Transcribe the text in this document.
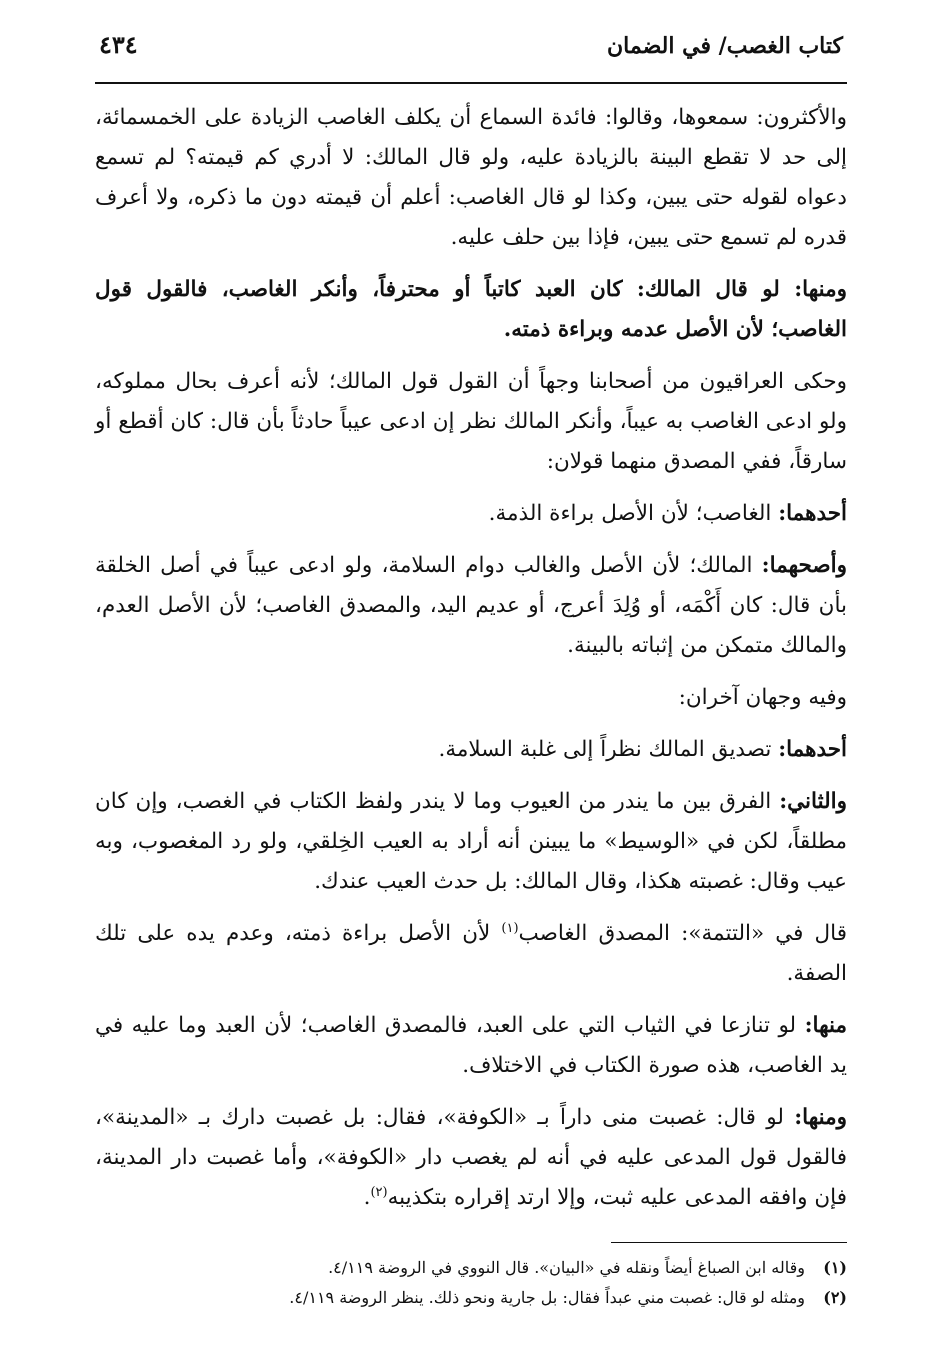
كتاب الغصب/ في الضمان
٤٣٤

والأكثرون: سمعوها، وقالوا: فائدة السماع أن يكلف الغاصب الزيادة على الخمسمائة، إلى حد لا تقطع البينة بالزيادة عليه، ولو قال المالك: لا أدري كم قيمته؟ لم تسمع دعواه لقوله حتى يبين، وكذا لو قال الغاصب: أعلم أن قيمته دون ما ذكره، ولا أعرف قدره لم تسمع حتى يبين، فإذا بين حلف عليه.

ومنها: لو قال المالك: كان العبد كاتباً أو محترفاً، وأنكر الغاصب، فالقول قول الغاصب؛ لأن الأصل عدمه وبراءة ذمته.

وحكى العراقيون من أصحابنا وجهاً أن القول قول المالك؛ لأنه أعرف بحال مملوكه، ولو ادعى الغاصب به عيباً، وأنكر المالك نظر إن ادعى عيباً حادثاً بأن قال: كان أقطع أو سارقاً، ففي المصدق منهما قولان:

أحدهما: الغاصب؛ لأن الأصل براءة الذمة.

وأصحهما: المالك؛ لأن الأصل والغالب دوام السلامة، ولو ادعى عيباً في أصل الخلقة بأن قال: كان أَكْمَه، أو وُلِدَ أعرج، أو عديم اليد، والمصدق الغاصب؛ لأن الأصل العدم، والمالك متمكن من إثباته بالبينة.

وفيه وجهان آخران:

أحدهما: تصديق المالك نظراً إلى غلبة السلامة.

والثاني: الفرق بين ما يندر من العيوب وما لا يندر ولفظ الكتاب في الغصب، وإن كان مطلقاً، لكن في «الوسيط» ما يبينن أنه أراد به العيب الخِلقي، ولو رد المغصوب، وبه عيب وقال: غصبته هكذا، وقال المالك: بل حدث العيب عندك.

قال في «التتمة»: المصدق الغاصب$^{(١)}$ لأن الأصل براءة ذمته، وعدم يده على تلك الصفة.

منها: لو تنازعا في الثياب التي على العبد، فالمصدق الغاصب؛ لأن العبد وما عليه في يد الغاصب، هذه صورة الكتاب في الاختلاف.

ومنها: لو قال: غصبت منى داراً بـ «الكوفة»، فقال: بل غصبت دارك بـ «المدينة»، فالقول قول المدعى عليه في أنه لم يغصب دار «الكوفة»، وأما غصبت دار المدينة، فإن وافقه المدعى عليه ثبت، وإلا ارتد إقراره بتكذيبه$^{(٢)}$.

(١)
وقاله ابن الصباغ أيضاً ونقله في «البيان». قال النووي في الروضة ٤/١١٩.
(٢)
ومثله لو قال: غصبت مني عبداً فقال: بل جارية ونحو ذلك. ينظر الروضة ٤/١١٩.
